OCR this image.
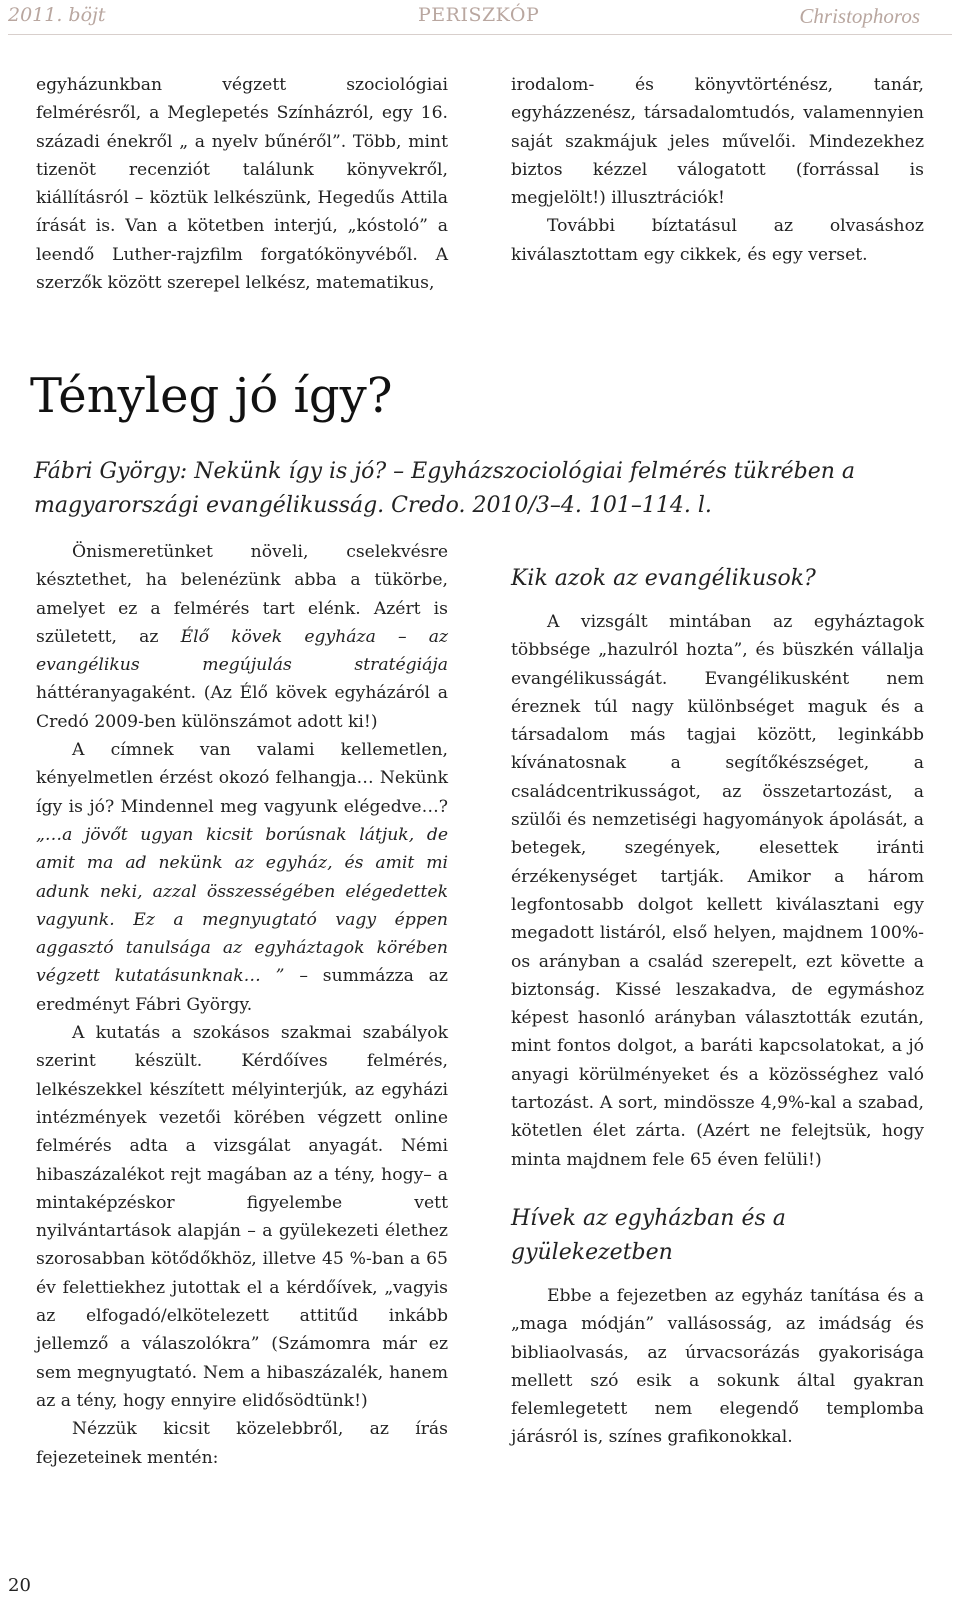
2011. böjt	PERISZKÓP	Christophoros

egyházunkban végzett szociológiai felmérésről, a Meglepetés Színházról, egy 16. századi énekről „ a nyelv bűnéről”. Több, mint tizenöt recenziót találunk könyvekről, kiállításról – köztük lelkészünk, Hegedűs Attila írását is. Van a kötetben interjú, „kóstoló” a leendő Luther-rajzfilm forgatókönyvéből. A szerzők között szerepel lelkész, matematikus,

irodalom- és könyvtörténész, tanár, egyházzenész, társadalomtudós, valamennyien saját szakmájuk jeles művelői. Mindezekhez biztos kézzel válogatott (forrással is megjelölt!) illusztrációk!

További bíztatásul az olvasáshoz kiválasztottam egy cikkek, és egy verset.

Tényleg jó így?
Fábri György: Nekünk így is jó? – Egyházszociológiai felmérés tükrében a magyarországi evangélikusság. Credo. 2010/3–4. 101–114. l.

Önismeretünket növeli, cselekvésre késztethet, ha belenézünk abba a tükörbe, amelyet ez a felmérés tart elénk. Azért is született, az Élő kövek egyháza – az evangélikus megújulás stratégiája háttéranyagaként. (Az Élő kövek egyházáról a Credó 2009-ben különszámot adott ki!)

A címnek van valami kellemetlen, kényelmetlen érzést okozó felhangja… Nekünk így is jó? Mindennel meg vagyunk elégedve…? „…a jövőt ugyan kicsit borúsnak látjuk, de amit ma ad nekünk az egyház, és amit mi adunk neki, azzal összességében elégedettek vagyunk. Ez a megnyugtató vagy éppen aggasztó tanulsága az egyháztagok körében végzett kutatásunknak… ” – summázza az eredményt Fábri György.

A kutatás a szokásos szakmai szabályok szerint készült. Kérdőíves felmérés, lelkészekkel készített mélyinterjúk, az egyházi intézmények vezetői körében végzett online felmérés adta a vizsgálat anyagát. Némi hibaszázalékot rejt magában az a tény, hogy– a mintaképzéskor figyelembe vett nyilvántartások alapján – a gyülekezeti élethez szorosabban kötődőkhöz, illetve 45 %-ban a 65 év felettiekhez jutottak el a kérdőívek, „vagyis az elfogadó/elkötelezett attitűd inkább jellemző a válaszolókra” (Számomra már ez sem megnyugtató. Nem a hibaszázalék, hanem az a tény, hogy ennyire elidősödtünk!)

Nézzük kicsit közelebbről, az írás fejezeteinek mentén:

Kik azok az evangélikusok?

A vizsgált mintában az egyháztagok többsége „hazulról hozta”, és büszkén vállalja evangélikusságát. Evangélikusként nem éreznek túl nagy különbséget maguk és a társadalom más tagjai között, leginkább kívánatosnak a segítőkészséget, a családcentrikusságot, az összetartozást, a szülői és nemzetiségi hagyományok ápolását, a betegek, szegények, elesettek iránti érzékenységet tartják. Amikor a három legfontosabb dolgot kellett kiválasztani egy megadott listáról, első helyen, majdnem 100%-os arányban a család szerepelt, ezt követte a biztonság. Kissé leszakadva, de egymáshoz képest hasonló arányban választották ezután, mint fontos dolgot, a baráti kapcsolatokat, a jó anyagi körülményeket és a közösséghez való tartozást. A sort, mindössze 4,9%-kal a szabad, kötetlen élet zárta. (Azért ne felejtsük, hogy minta majdnem fele 65 éven felüli!)

Hívek az egyházban és a gyülekezetben

Ebbe a fejezetben az egyház tanítása és a „maga módján” vallásosság, az imádság és bibliaolvasás, az úrvacsorázás gyakorisága mellett szó esik a sokunk által gyakran felemlegetett nem elegendő templomba járásról is, színes grafikonokkal.

20
